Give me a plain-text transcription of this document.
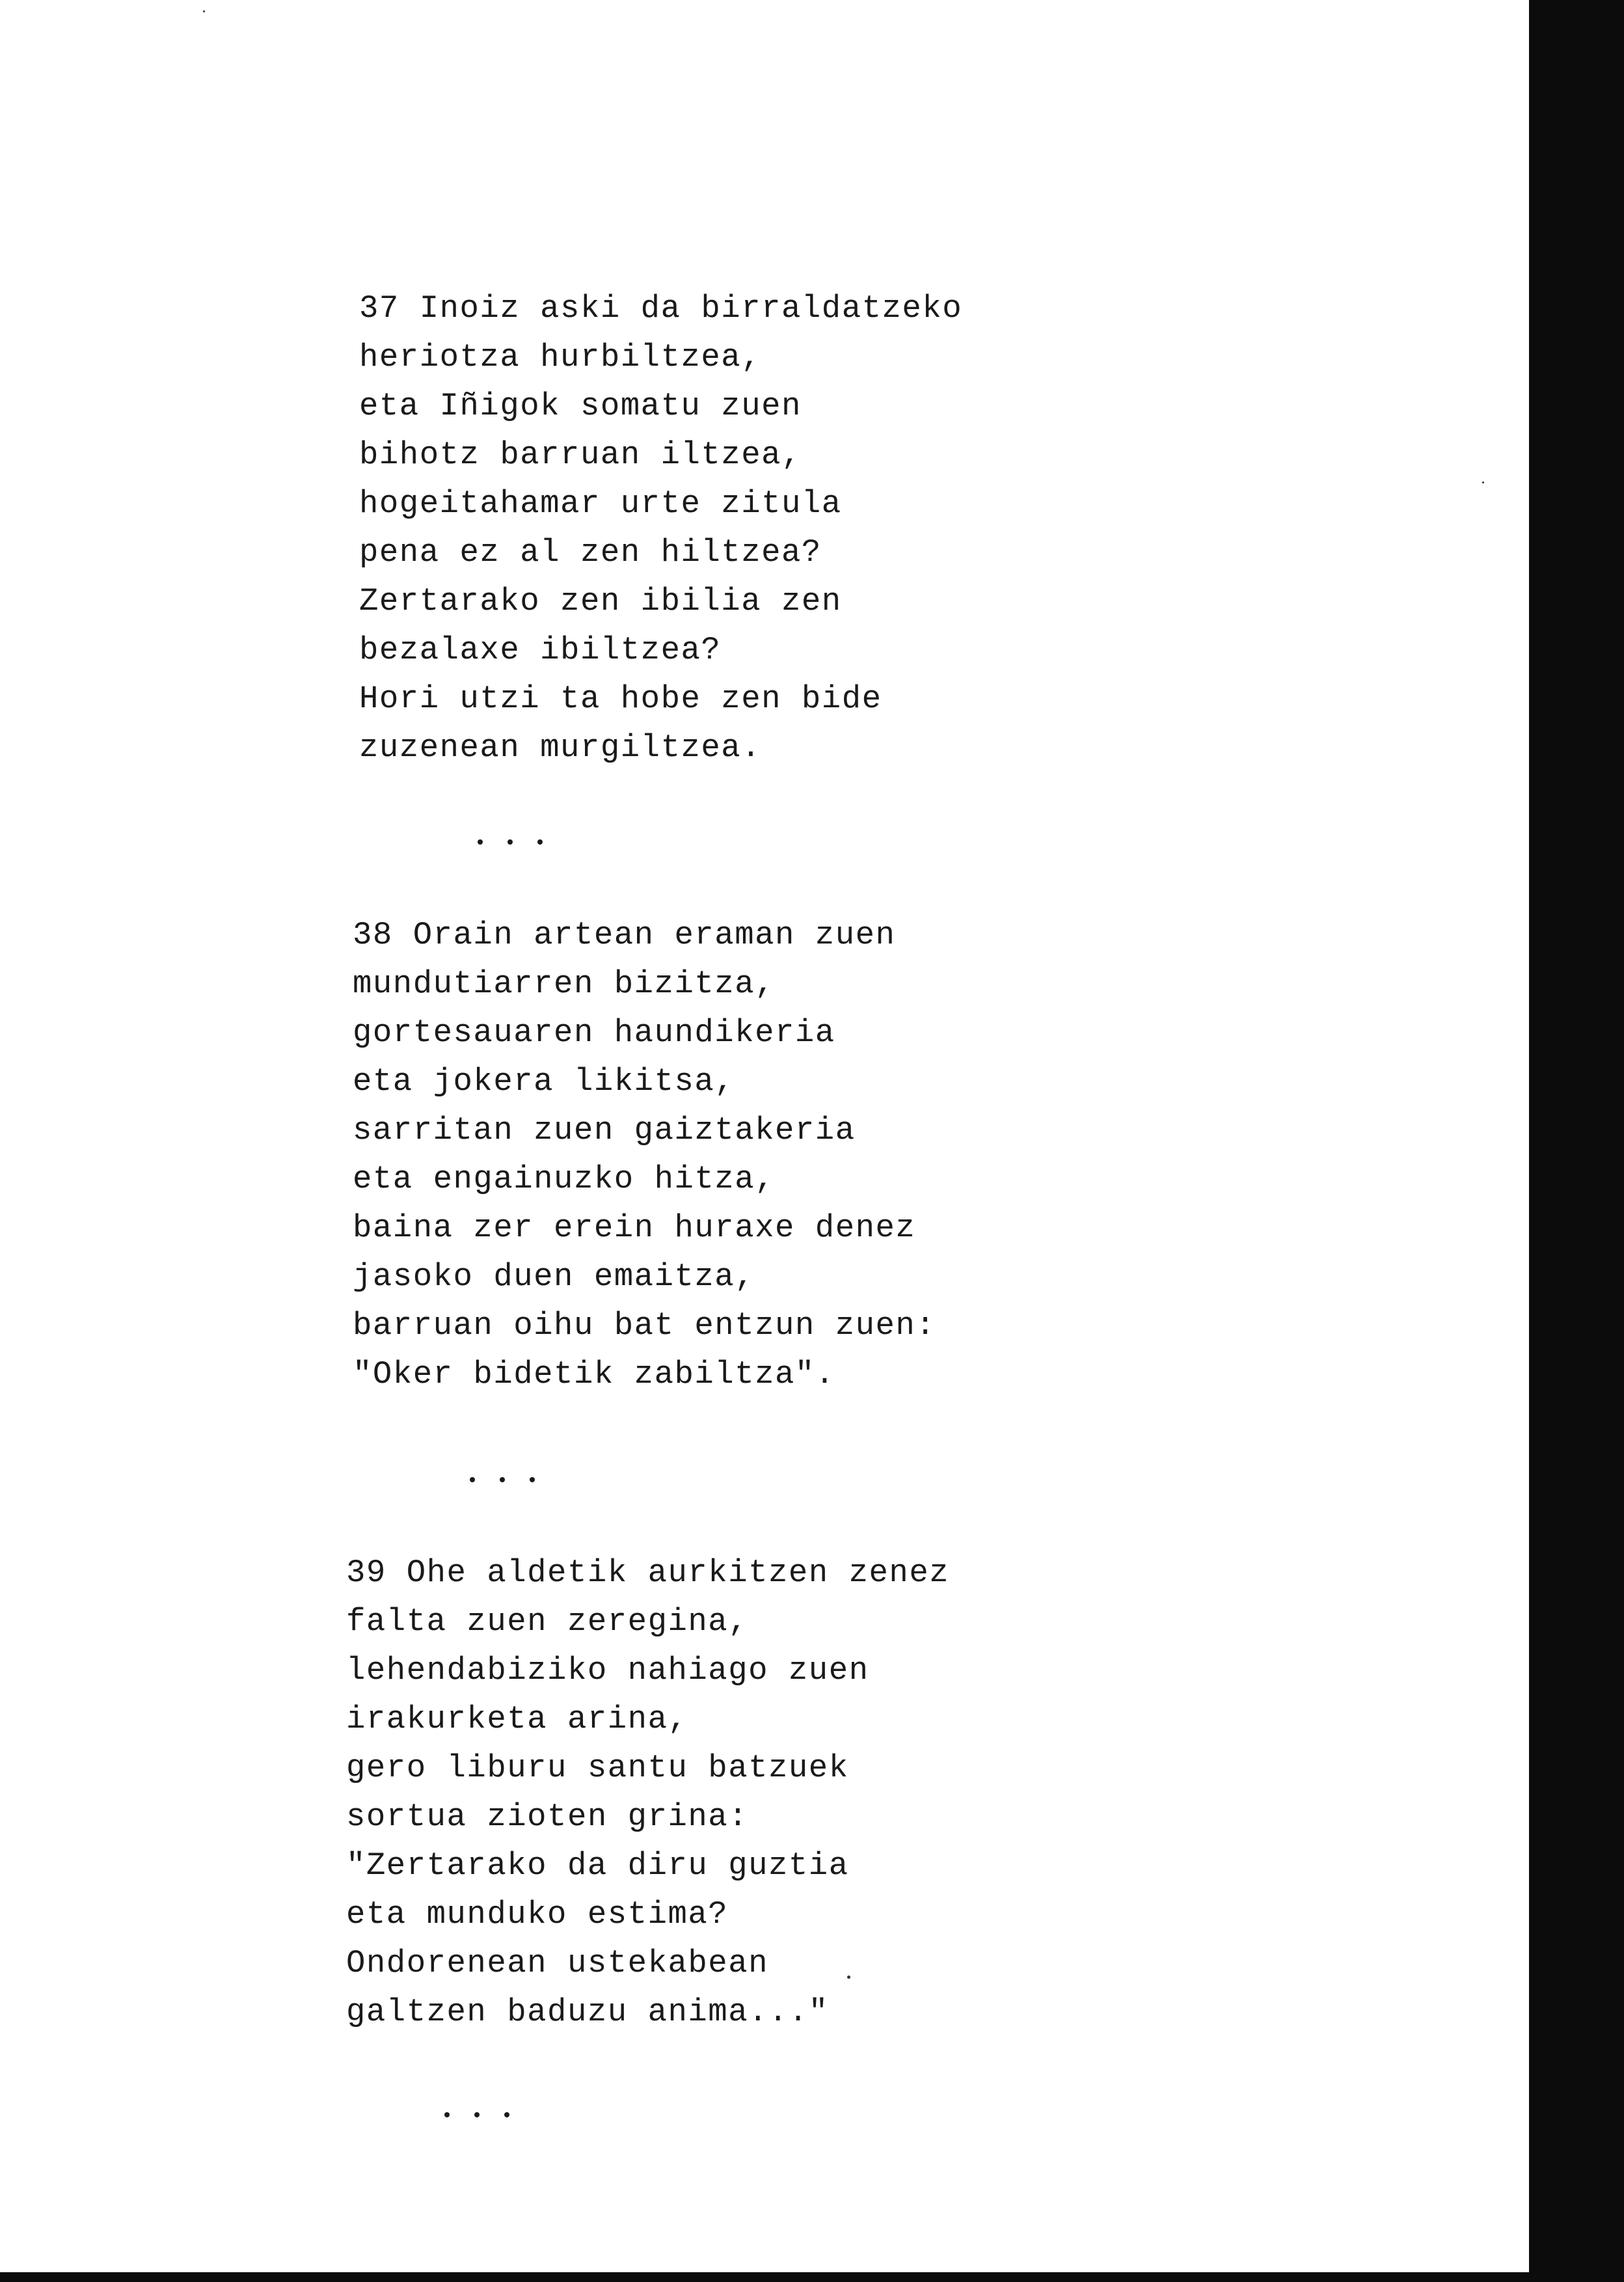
37 Inoiz aski da birraldatzeko
heriotza hurbiltzea,
eta Iñigok somatu zuen
bihotz barruan iltzea,
hogeitahamar urte zitula
pena ez al zen hiltzea?
Zertarako zen ibilia zen
bezalaxe ibiltzea?
Hori utzi ta hobe zen bide
zuzenean murgiltzea.
38 Orain artean eraman zuen
mundutiarren bizitza,
gortesauaren haundikeria
eta jokera likitsa,
sarritan zuen gaiztakeria
eta engainuzko hitza,
baina zer erein huraxe denez
jasoko duen emaitza,
barruan oihu bat entzun zuen:
"Oker bidetik zabiltza".
39 Ohe aldetik aurkitzen zenez
falta zuen zeregina,
lehendabiziko nahiago zuen
irakurketa arina,
gero liburu santu batzuek
sortua zioten grina:
"Zertarako da diru guztia
eta munduko estima?
Ondorenean ustekabean
galtzen baduzu anima..."
